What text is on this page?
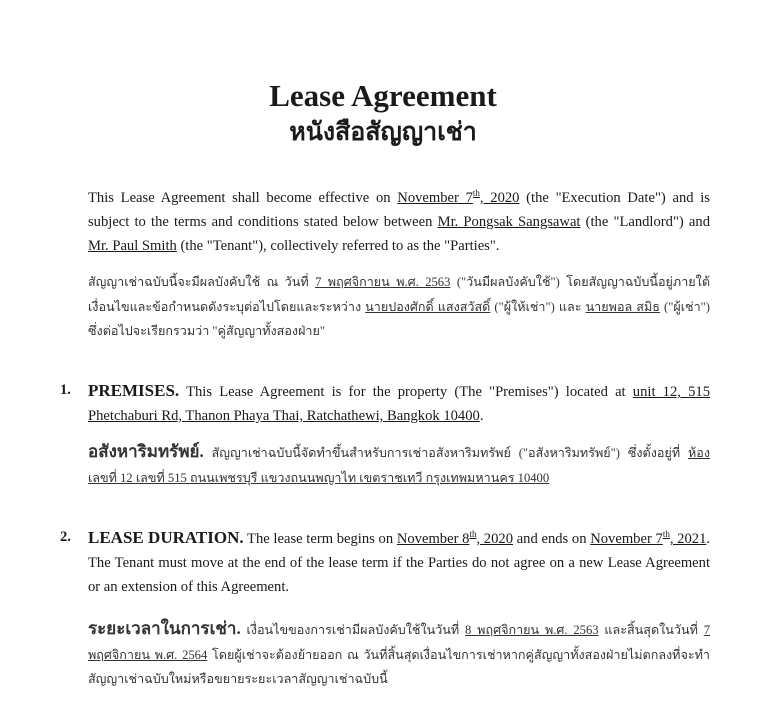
Lease Agreement
หนังสือสัญญาเช่า
This Lease Agreement shall become effective on November 7th, 2020 (the "Execution Date") and is subject to the terms and conditions stated below between Mr. Pongsak Sangsawat (the "Landlord") and Mr. Paul Smith (the "Tenant"), collectively referred to as the "Parties".
สัญญาเช่าฉบับนี้จะมีผลบังคับใช้ ณ วันที่ 7 พฤศจิกายน พ.ศ. 2563 ("วันมีผลบังคับใช้") โดยสัญญาฉบับนี้อยู่ภายใต้เงื่อนไขและข้อกำหนดดังระบุต่อไปโดยและระหว่าง นายปองศักดิ์ แสงสวัสดิ์ ("ผู้ให้เช่า") และ นายพอล สมิธ ("ผู้เช่า") ซึ่งต่อไปจะเรียกรวมว่า "คู่สัญญาทั้งสองฝ่าย"
1. PREMISES. This Lease Agreement is for the property (The "Premises") located at unit 12, 515 Phetchaburi Rd, Thanon Phaya Thai, Ratchathewi, Bangkok 10400.
อสังหาริมทรัพย์. สัญญาเช่าฉบับนี้จัดทำขึ้นสำหรับการเช่าอสังหาริมทรัพย์ ("อสังหาริมทรัพย์") ซึ่งตั้งอยู่ที่ ห้องเลขที่ 12 เลขที่ 515 ถนนเพชรบุรี แขวงถนนพญาไท เขตราชเทวี กรุงเทพมหานคร 10400
2. LEASE DURATION. The lease term begins on November 8th, 2020 and ends on November 7th, 2021. The Tenant must move at the end of the lease term if the Parties do not agree on a new Lease Agreement or an extension of this Agreement.
ระยะเวลาในการเช่า. เงื่อนไขของการเช่ามีผลบังคับใช้ในวันที่ 8 พฤศจิกายน พ.ศ. 2563 และสิ้นสุดในวันที่ 7 พฤศจิกายน พ.ศ. 2564 โดยผู้เช่าจะต้องย้ายออก ณ วันที่สิ้นสุดเงื่อนไขการเช่าหากคู่สัญญาทั้งสองฝ่ายไม่ตกลงที่จะทำสัญญาเช่าฉบับใหม่หรือขยายระยะเวลาสัญญาเช่าฉบับนี้
